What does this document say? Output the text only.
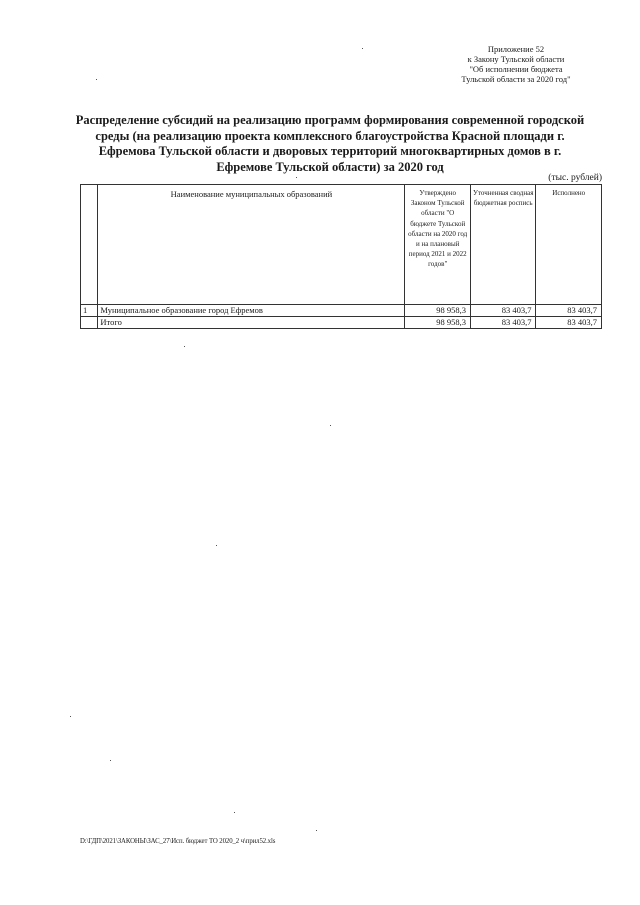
Приложение 52
к Закону Тульской области
"Об исполнении бюджета
Тульской области за 2020 год"
Распределение субсидий на реализацию программ формирования современной городской среды (на реализацию проекта комплексного благоустройства Красной площади г. Ефремова Тульской области и дворовых территорий многоквартирных домов в г. Ефремове Тульской области) за 2020 год
(тыс. рублей)
	Наименование муниципальных образований	Утверждено Законом Тульской области "О бюджете Тульской области на 2020 год и на плановый период 2021 и 2022 годов"	Уточненная сводная бюджетная роспись	Исполнено
1	Муниципальное образование город Ефремов	98 958,3	83 403,7	83 403,7
	Итого	98 958,3	83 403,7	83 403,7
D:\ГДП\2021\ЗАКОНЫ\ЗАС_27\Исп. бюджет ТО 2020_2 ч\прил52.xls
